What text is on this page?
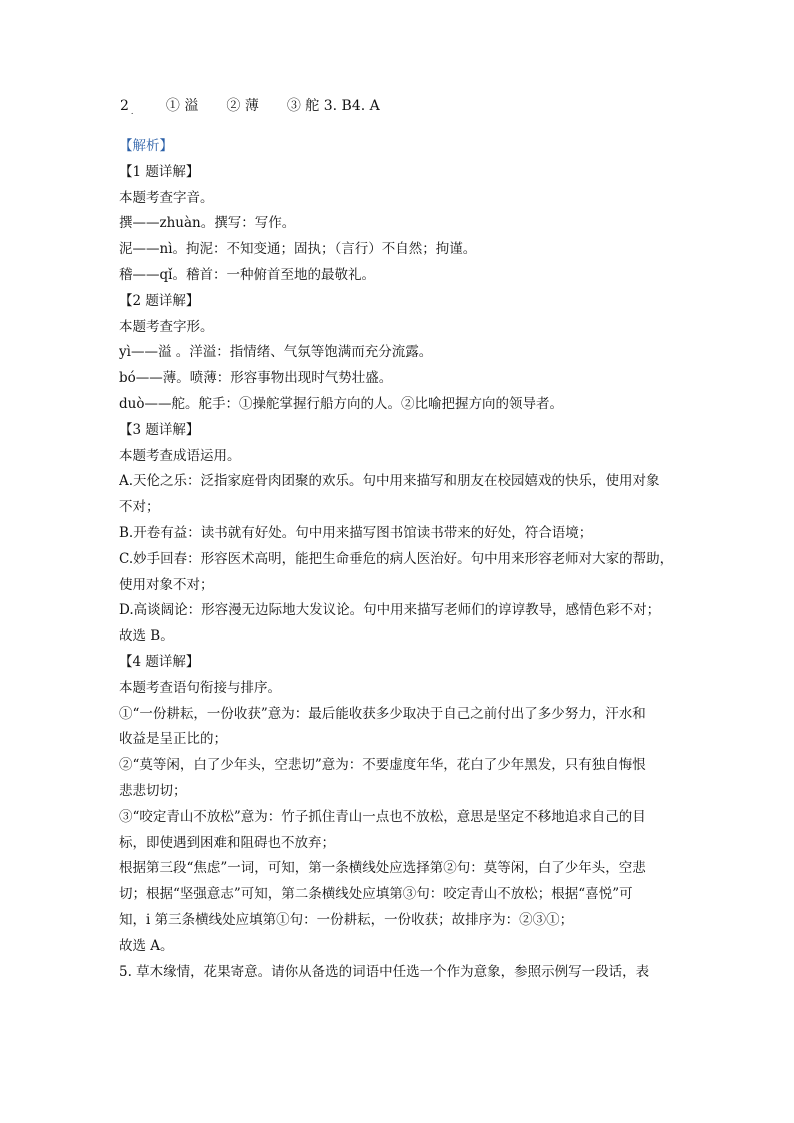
2 $_.$　　 ① 溢　　② 薄　　③ 舵 3. B4. A
【解析】
【1 题详解】
本题考查字音。
撰——zhuàn。撰写：写作。
泥——nì。拘泥：不知变通；固执；（言行）不自然；拘谨。
稽——qǐ。稽首：一种俯首至地的最敬礼。
【2 题详解】
本题考查字形。
yì——溢 。洋溢：指情绪、气氛等饱满而充分流露。
bó——薄。喷薄：形容事物出现时气势壮盛。
duò——舵。舵手：①操舵掌握行船方向的人。②比喻把握方向的领导者。
【3 题详解】
本题考查成语运用。
A.天伦之乐：泛指家庭骨肉团聚的欢乐。句中用来描写和朋友在校园嬉戏的快乐，使用对象
不对；
B.开卷有益：读书就有好处。句中用来描写图书馆读书带来的好处，符合语境；
C.妙手回春：形容医术高明，能把生命垂危的病人医治好。句中用来形容老师对大家的帮助，
使用对象不对；
D.高谈阔论：形容漫无边际地大发议论。句中用来描写老师们的谆谆教导，感情色彩不对；
故选 B。
【4 题详解】
本题考查语句衔接与排序。
①“一份耕耘，一份收获”意为：最后能收获多少取决于自己之前付出了多少努力，汗水和
收益是呈正比的；
②“莫等闲，白了少年头，空悲切”意为：不要虚度年华，花白了少年黑发，只有独自悔恨
悲悲切切；
③“咬定青山不放松”意为：竹子抓住青山一点也不放松，意思是坚定不移地追求自己的目
标，即使遇到困难和阻碍也不放弃；
根据第三段“焦虑”一词，可知，第一条横线处应选择第②句：莫等闲，白了少年头，空悲
切；根据“坚强意志”可知，第二条横线处应填第③句：咬定青山不放松；根据“喜悦”可
知，i 第三条横线处应填第①句：一份耕耘，一份收获；故排序为：②③①；
故选 A。
5. 草木缘情，花果寄意。请你从备选的词语中任选一个作为意象，参照示例写一段话，表
